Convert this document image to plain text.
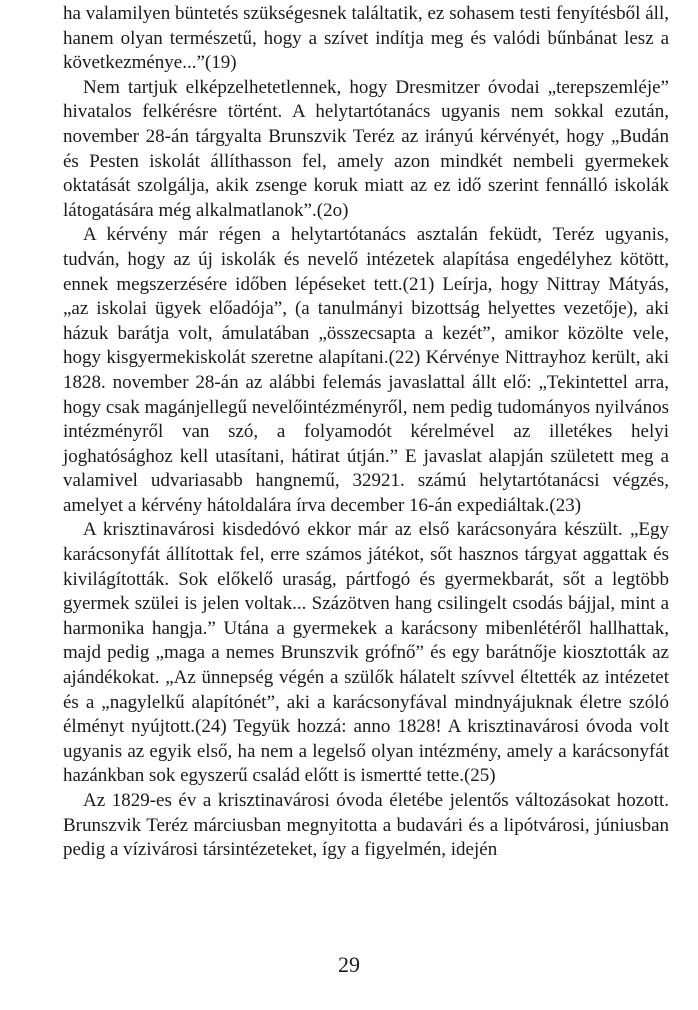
ha valamilyen büntetés szükségesnek találtatik, ez sohasem testi fenyítésből áll, hanem olyan természetű, hogy a szívet indítja meg és valódi bűnbánat lesz a következménye...”(19)

Nem tartjuk elképzelhetetlennek, hogy Dresmitzer óvodai „terepszemléje” hivatalos felkérésre történt. A helytartótanács ugyanis nem sokkal ezután, november 28-án tárgyalta Brunszvik Teréz az irányú kérvényét, hogy „Budán és Pesten iskolát állíthasson fel, amely azon mindkét nembeli gyermekek oktatását szolgálja, akik zsenge koruk miatt az ez idő szerint fennálló iskolák látogatására még alkalmatlanok”.(2o)

A kérvény már régen a helytartótanács asztalán feküdt, Teréz ugyanis, tudván, hogy az új iskolák és nevelő intézetek alapítása engedélyhez kötött, ennek megszerzésére időben lépéseket tett.(21) Leírja, hogy Nittray Mátyás, „az iskolai ügyek előadója”, (a tanulmányi bizottság helyettes vezetője), aki házuk barátja volt, ámulatában „összecsapta a kezét”, amikor közölte vele, hogy kisgyermekiskolát szeretne alapítani.(22) Kérvénye Nittrayhoz került, aki 1828. november 28-án az alábbi felemás javaslattal állt elő: „Tekintettel arra, hogy csak magánjellegű nevelőintézményről, nem pedig tudományos nyilvános intézményről van szó, a folyamodót kérelmével az illetékes helyi joghatósághoz kell utasítani, hátirat útján.” E javaslat alapján született meg a valamivel udvariasabb hangnemű, 32921. számú helytartótanácsi végzés, amelyet a kérvény hátoldalára írva december 16-án expediáltak.(23)

A krisztinavárosi kisdedóvó ekkor már az első karácsonyára készült. „Egy karácsonyfát állítottak fel, erre számos játékot, sőt hasznos tárgyat aggattak és kivilágították. Sok előkelő uraság, pártfogó és gyermekbarát, sőt a legtöbb gyermek szülei is jelen voltak... Százötven hang csilingelt csodás bájjal, mint a harmonika hangja.” Utána a gyermekek a karácsony mibenlétéről hallhattak, majd pedig „maga a nemes Brunszvik grófnő” és egy barátnője kiosztották az ajándékokat. „Az ünnepség végén a szülők hálatelt szívvel éltették az intézetet és a „nagylelkű alapítónét”, aki a karácsonyfával mindnyájuknak életre szóló élményt nyújtott.(24) Tegyük hozzá: anno 1828! A krisztinavárosi óvoda volt ugyanis az egyik első, ha nem a legelső olyan intézmény, amely a karácsonyfát hazánkban sok egyszerű család előtt is ismertté tette.(25)

Az 1829-es év a krisztinavárosi óvoda életébe jelentős változásokat hozott. Brunszvik Teréz márciusban megnyitotta a budavári és a lipótvárosi, júniusban pedig a vízivárosi társintézeteket, így a figyelmén, idején

29
